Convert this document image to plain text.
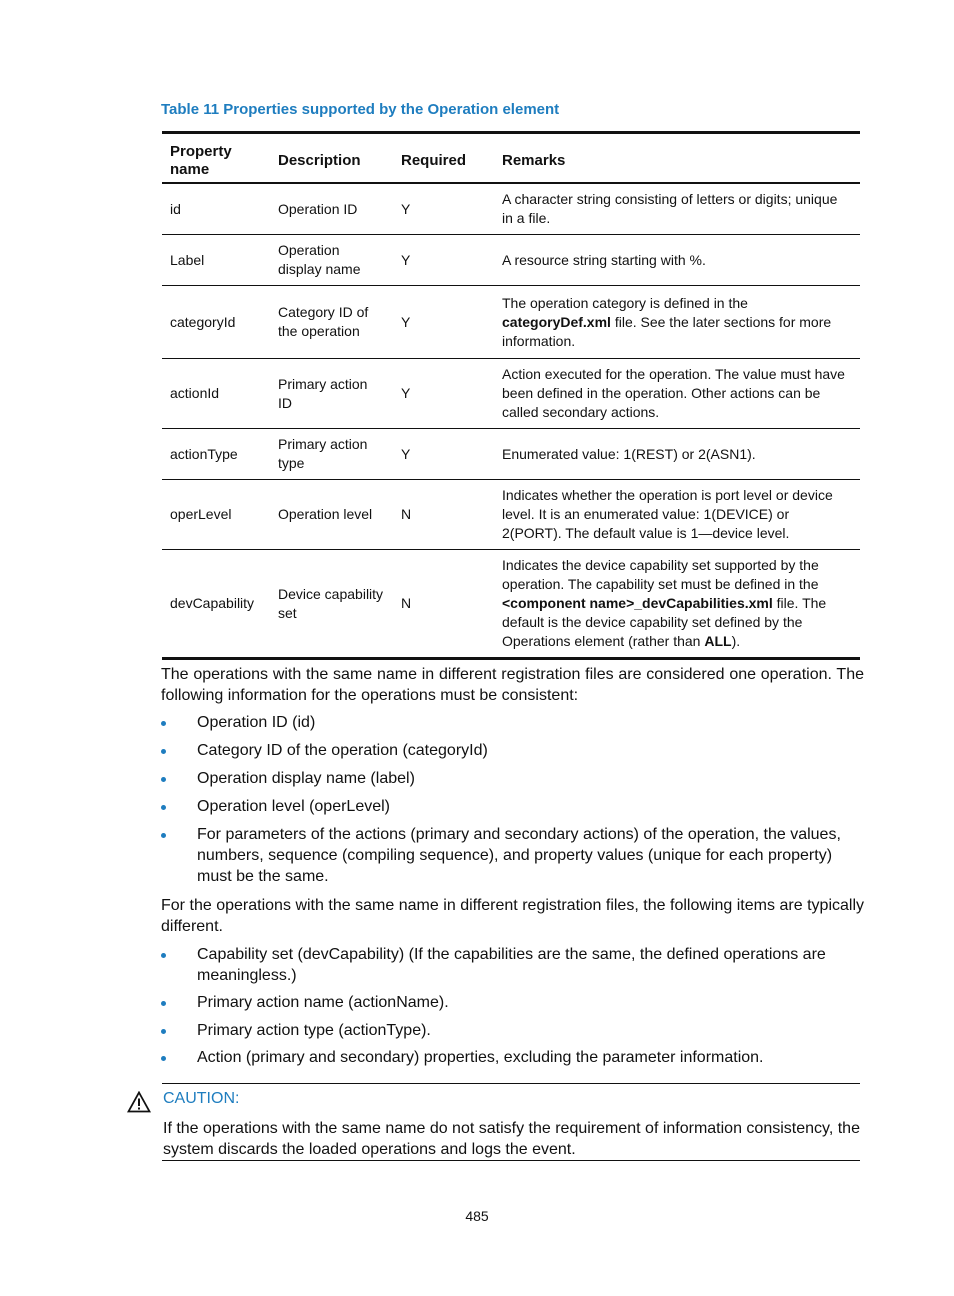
Table 11 Properties supported by the Operation element
Property name	Description	Required	Remarks
id	Operation ID	Y	A character string consisting of letters or digits; unique in a file.
Label	Operation display name	Y	A resource string starting with %.
categoryId	Category ID of the operation	Y	The operation category is defined in the categoryDef.xml file. See the later sections for more information.
actionId	Primary action ID	Y	Action executed for the operation. The value must have been defined in the operation. Other actions can be called secondary actions.
actionType	Primary action type	Y	Enumerated value: 1(REST) or 2(ASN1).
operLevel	Operation level	N	Indicates whether the operation is port level or device level. It is an enumerated value: 1(DEVICE) or 2(PORT). The default value is 1—device level.
devCapability	Device capability set	N	Indicates the device capability set supported by the operation. The capability set must be defined in the <component name>_devCapabilities.xml file. The default is the device capability set defined by the Operations element (rather than ALL).
The operations with the same name in different registration files are considered one operation. The following information for the operations must be consistent:
Operation ID (id)
Category ID of the operation (categoryId)
Operation display name (label)
Operation level (operLevel)
For parameters of the actions (primary and secondary actions) of the operation, the values, numbers, sequence (compiling sequence), and property values (unique for each property) must be the same.
For the operations with the same name in different registration files, the following items are typically different.
Capability set (devCapability) (If the capabilities are the same, the defined operations are meaningless.)
Primary action name (actionName).
Primary action type (actionType).
Action (primary and secondary) properties, excluding the parameter information.
CAUTION:
If the operations with the same name do not satisfy the requirement of information consistency, the system discards the loaded operations and logs the event.
485
